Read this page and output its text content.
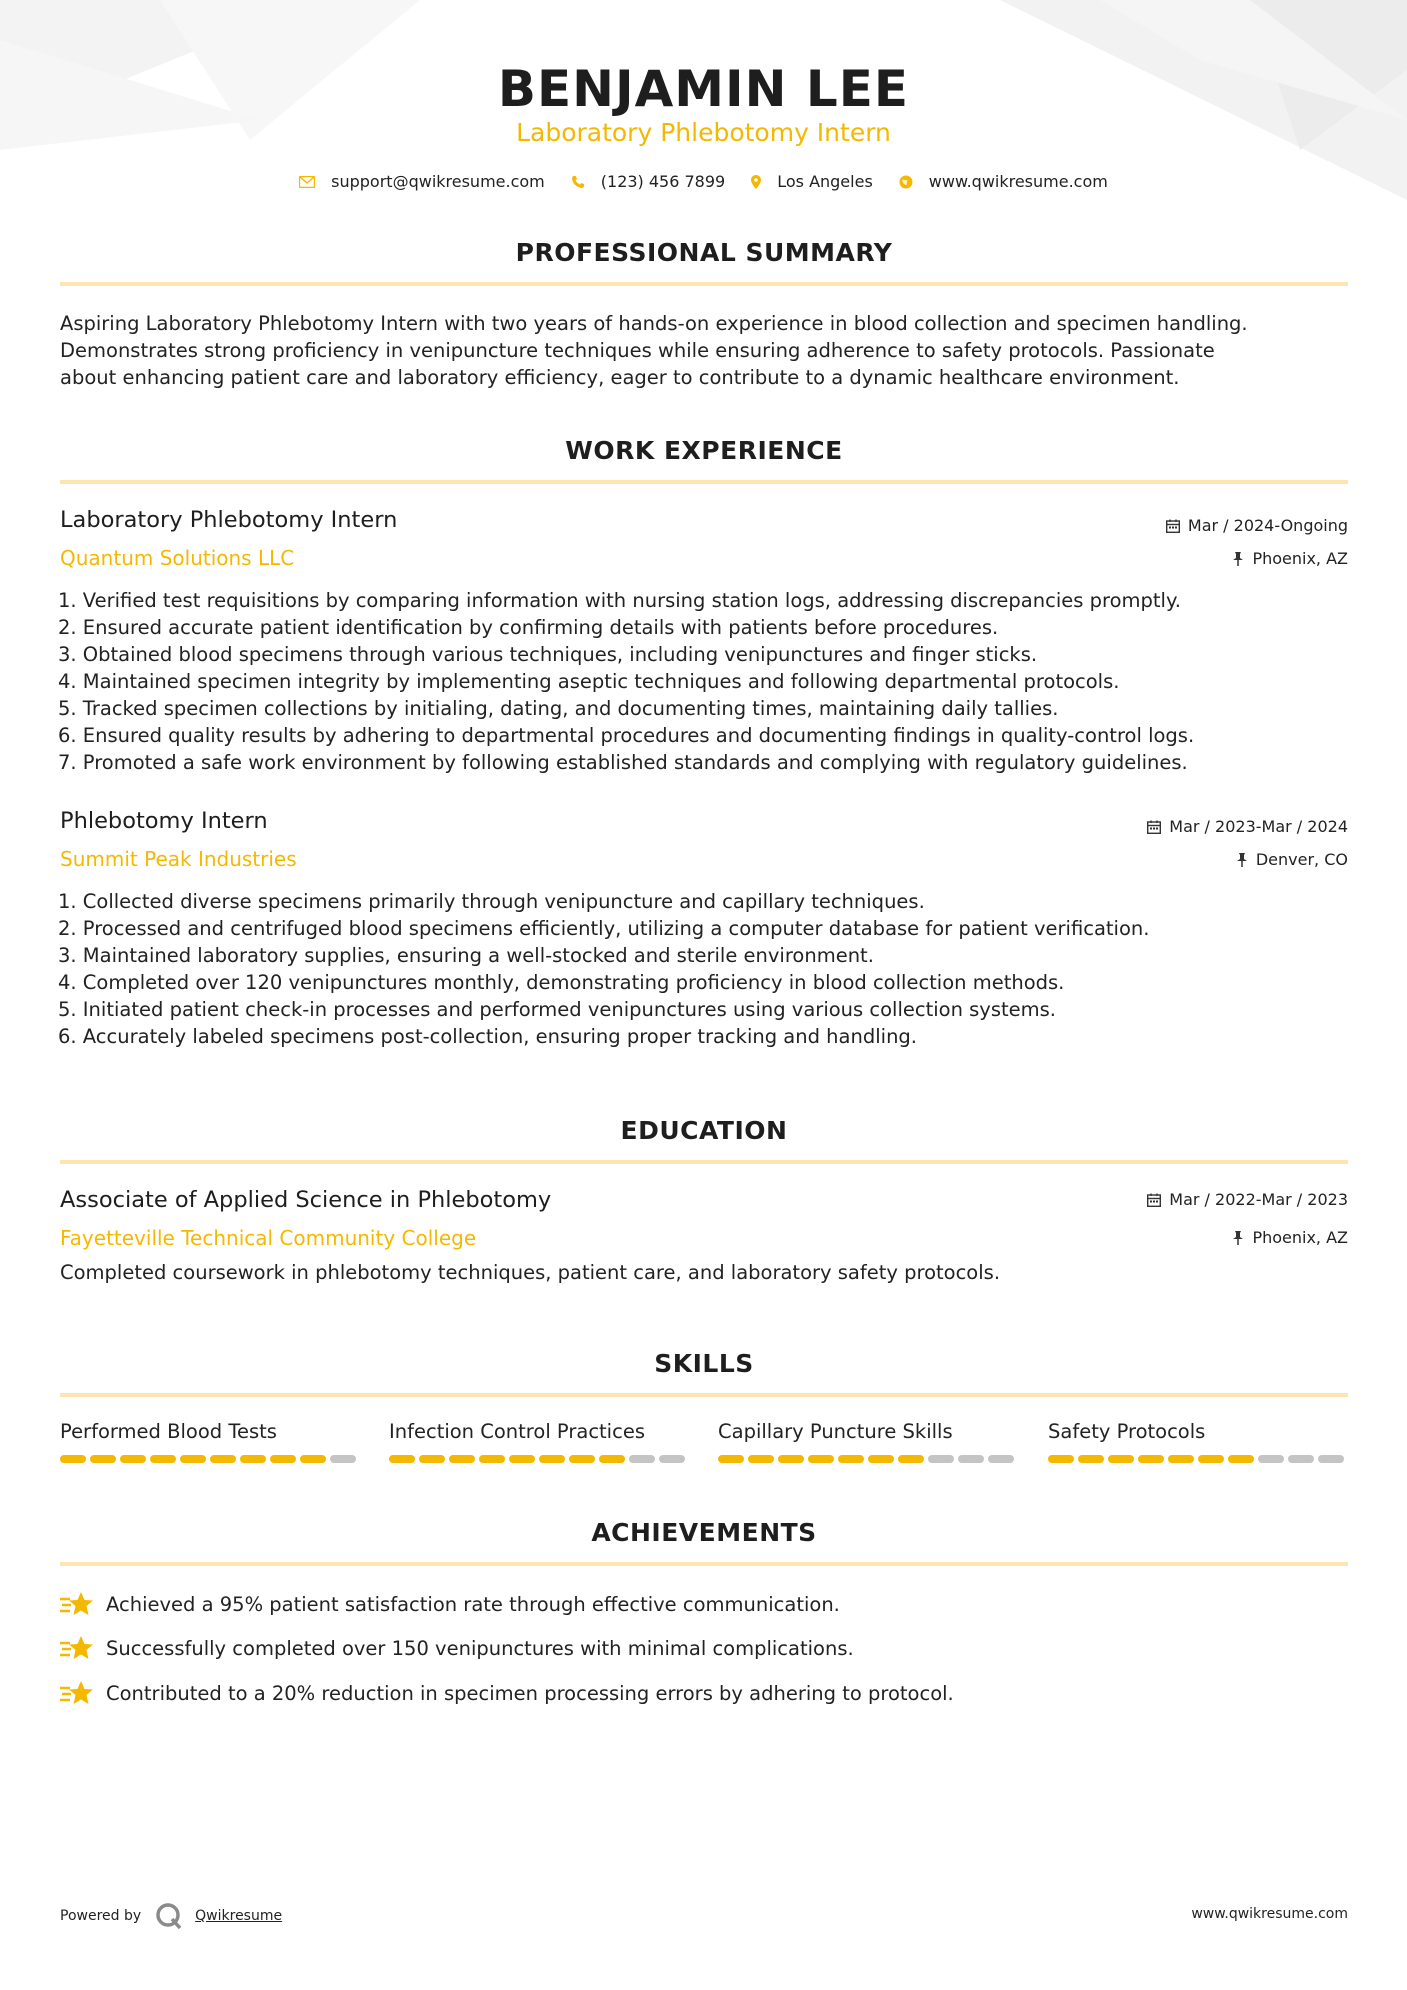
BENJAMIN LEE
Laboratory Phlebotomy Intern
support@qwikresume.com	(123) 456 7899	Los Angeles	www.qwikresume.com
PROFESSIONAL SUMMARY
Aspiring Laboratory Phlebotomy Intern with two years of hands-on experience in blood collection and specimen handling.
Demonstrates strong proficiency in venipuncture techniques while ensuring adherence to safety protocols. Passionate
about enhancing patient care and laboratory efficiency, eager to contribute to a dynamic healthcare environment.
WORK EXPERIENCE
Laboratory Phlebotomy Intern
Quantum Solutions LLC
Mar / 2024-Ongoing
Phoenix, AZ
1. Verified test requisitions by comparing information with nursing station logs, addressing discrepancies promptly.
2. Ensured accurate patient identification by confirming details with patients before procedures.
3. Obtained blood specimens through various techniques, including venipunctures and finger sticks.
4. Maintained specimen integrity by implementing aseptic techniques and following departmental protocols.
5. Tracked specimen collections by initialing, dating, and documenting times, maintaining daily tallies.
6. Ensured quality results by adhering to departmental procedures and documenting findings in quality-control logs.
7. Promoted a safe work environment by following established standards and complying with regulatory guidelines.
Phlebotomy Intern
Summit Peak Industries
Mar / 2023-Mar / 2024
Denver, CO
1. Collected diverse specimens primarily through venipuncture and capillary techniques.
2. Processed and centrifuged blood specimens efficiently, utilizing a computer database for patient verification.
3. Maintained laboratory supplies, ensuring a well-stocked and sterile environment.
4. Completed over 120 venipunctures monthly, demonstrating proficiency in blood collection methods.
5. Initiated patient check-in processes and performed venipunctures using various collection systems.
6. Accurately labeled specimens post-collection, ensuring proper tracking and handling.
EDUCATION
Associate of Applied Science in Phlebotomy
Fayetteville Technical Community College
Mar / 2022-Mar / 2023
Phoenix, AZ
Completed coursework in phlebotomy techniques, patient care, and laboratory safety protocols.
SKILLS
Performed Blood Tests	Infection Control Practices	Capillary Puncture Skills	Safety Protocols
ACHIEVEMENTS
Achieved a 95% patient satisfaction rate through effective communication.
Successfully completed over 150 venipunctures with minimal complications.
Contributed to a 20% reduction in specimen processing errors by adhering to protocol.
Powered by	Qwikresume	www.qwikresume.com
